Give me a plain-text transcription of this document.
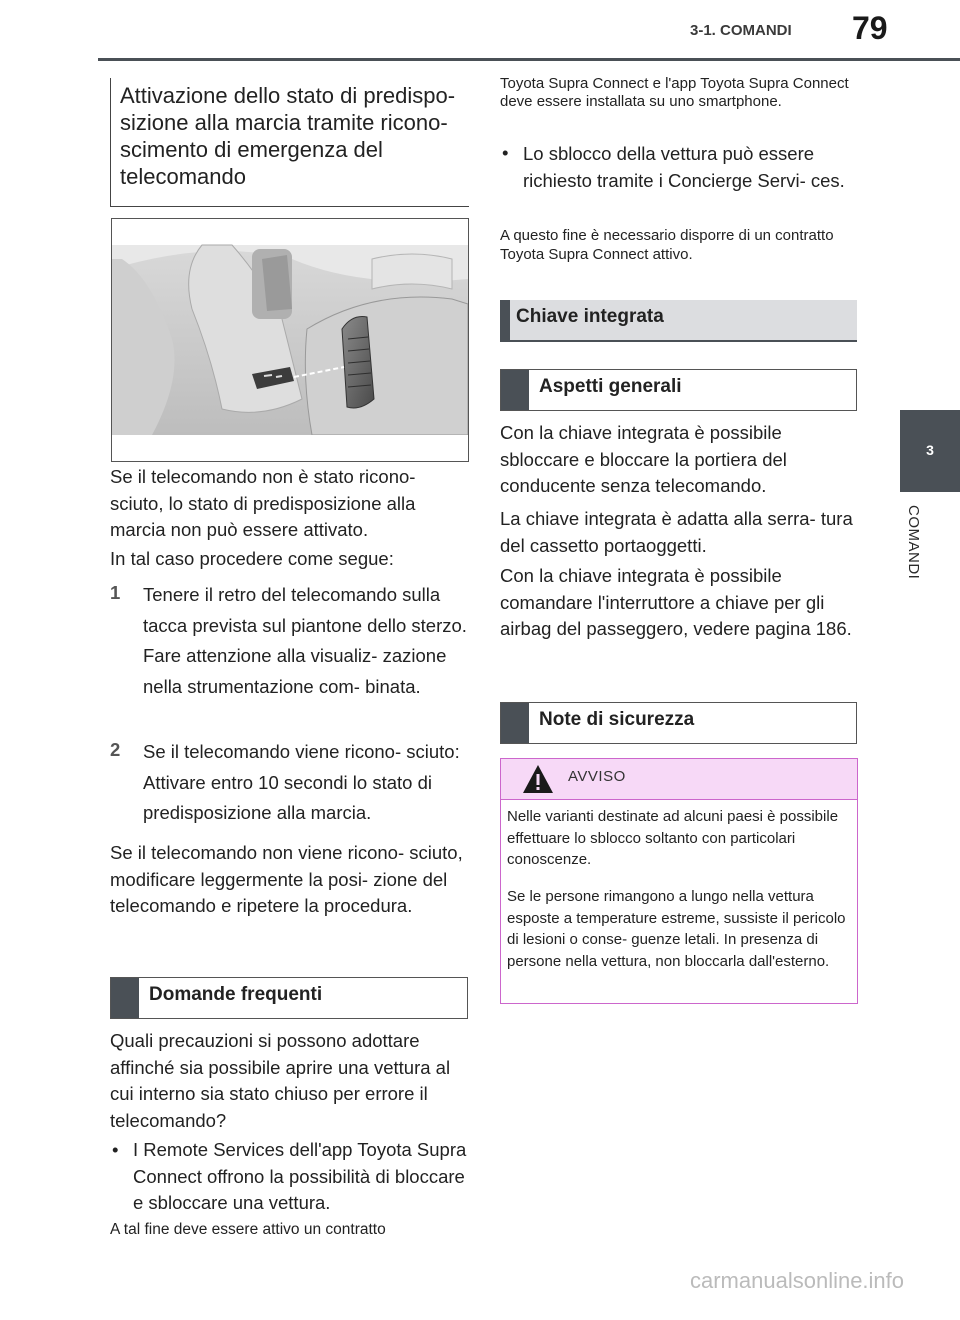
3-1. COMANDI 79
3
COMANDI
Attivazione dello stato di predispo- sizione alla marcia tramite ricono- scimento di emergenza del telecomando
Se il telecomando non è stato ricono- sciuto, lo stato di predisposizione alla marcia non può essere attivato.
In tal caso procedere come segue:
1 Tenere il retro del telecomando sulla tacca prevista sul piantone dello sterzo. Fare attenzione alla visualiz- zazione nella strumentazione com- binata.
2 Se il telecomando viene ricono- sciuto: Attivare entro 10 secondi lo stato di predisposizione alla marcia.
Se il telecomando non viene ricono- sciuto, modificare leggermente la posi- zione del telecomando e ripetere la procedura.
Domande frequenti
Quali precauzioni si possono adottare affinché sia possibile aprire una vettura al cui interno sia stato chiuso per errore il telecomando?
• I Remote Services dell'app Toyota Supra Connect offrono la possibilità di bloccare e sbloccare una vettura.
A tal fine deve essere attivo un contratto
Toyota Supra Connect e l'app Toyota Supra Connect deve essere installata su uno smartphone.
• Lo sblocco della vettura può essere richiesto tramite i Concierge Servi- ces.
A questo fine è necessario disporre di un contratto Toyota Supra Connect attivo.
Chiave integrata
Aspetti generali
Con la chiave integrata è possibile sbloccare e bloccare la portiera del conducente senza telecomando.
La chiave integrata è adatta alla serra- tura del cassetto portaoggetti.
Con la chiave integrata è possibile comandare l'interruttore a chiave per gli airbag del passeggero, vedere pagina 186.
Note di sicurezza
AVVISO
Nelle varianti destinate ad alcuni paesi è possibile effettuare lo sblocco soltanto con particolari conoscenze.
Se le persone rimangono a lungo nella vettura esposte a temperature estreme, sussiste il pericolo di lesioni o conse- guenze letali. In presenza di persone nella vettura, non bloccarla dall'esterno.
carmanualsonline.info
